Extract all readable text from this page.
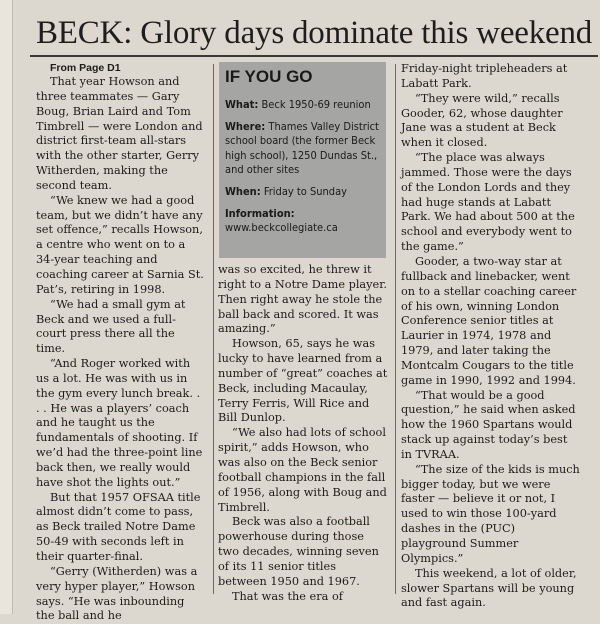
BECK: Glory days dominate this weekend

From Page D1

That year Howson and three teammates — Gary Boug, Brian Laird and Tom Timbrell — were London and district first-team all-stars with the other starter, Gerry Witherden, making the second team.

“We knew we had a good team, but we didn’t have any set offence,” recalls Howson, a centre who went on to a 34-year teaching and coaching career at Sarnia St. Pat’s, retiring in 1998.

“We had a small gym at Beck and we used a full-court press there all the time.

“And Roger worked with us a lot. He was with us in the gym every lunch break. . . . He was a players’ coach and he taught us the fundamentals of shooting. If we’d had the three-point line back then, we really would have shot the lights out.”

But that 1957 OFSAA title almost didn’t come to pass, as Beck trailed Notre Dame 50-49 with seconds left in their quarter-final.

“Gerry (Witherden) was a very hyper player,” Howson says. “He was inbounding the ball and he

IF YOU GO
What: Beck 1950-69 reunion
Where: Thames Valley District school board (the former Beck high school), 1250 Dundas St., and other sites
When: Friday to Sunday
Information:
www.beckcollegiate.ca

was so excited, he threw it right to a Notre Dame player. Then right away he stole the ball back and scored. It was amazing.”

Howson, 65, says he was lucky to have learned from a number of “great” coaches at Beck, including Macaulay, Terry Ferris, Will Rice and Bill Dunlop.

“We also had lots of school spirit,” adds Howson, who was also on the Beck senior football champions in the fall of 1956, along with Boug and Timbrell.

Beck was also a football powerhouse during those two decades, winning seven of its 11 senior titles between 1950 and 1967.

That was the era of

Friday-night tripleheaders at Labatt Park.

“They were wild,” recalls Gooder, 62, whose daughter Jane was a student at Beck when it closed.

“The place was always jammed. Those were the days of the London Lords and they had huge stands at Labatt Park. We had about 500 at the school and everybody went to the game.”

Gooder, a two-way star at fullback and linebacker, went on to a stellar coaching career of his own, winning London Conference senior titles at Laurier in 1974, 1978 and 1979, and later taking the Montcalm Cougars to the title game in 1990, 1992 and 1994.

“That would be a good question,” he said when asked how the 1960 Spartans would stack up against today’s best in TVRAA.

“The size of the kids is much bigger today, but we were faster — believe it or not, I used to win those 100-yard dashes in the (PUC) playground Summer Olympics.”

This weekend, a lot of older, slower Spartans will be young and fast again.
